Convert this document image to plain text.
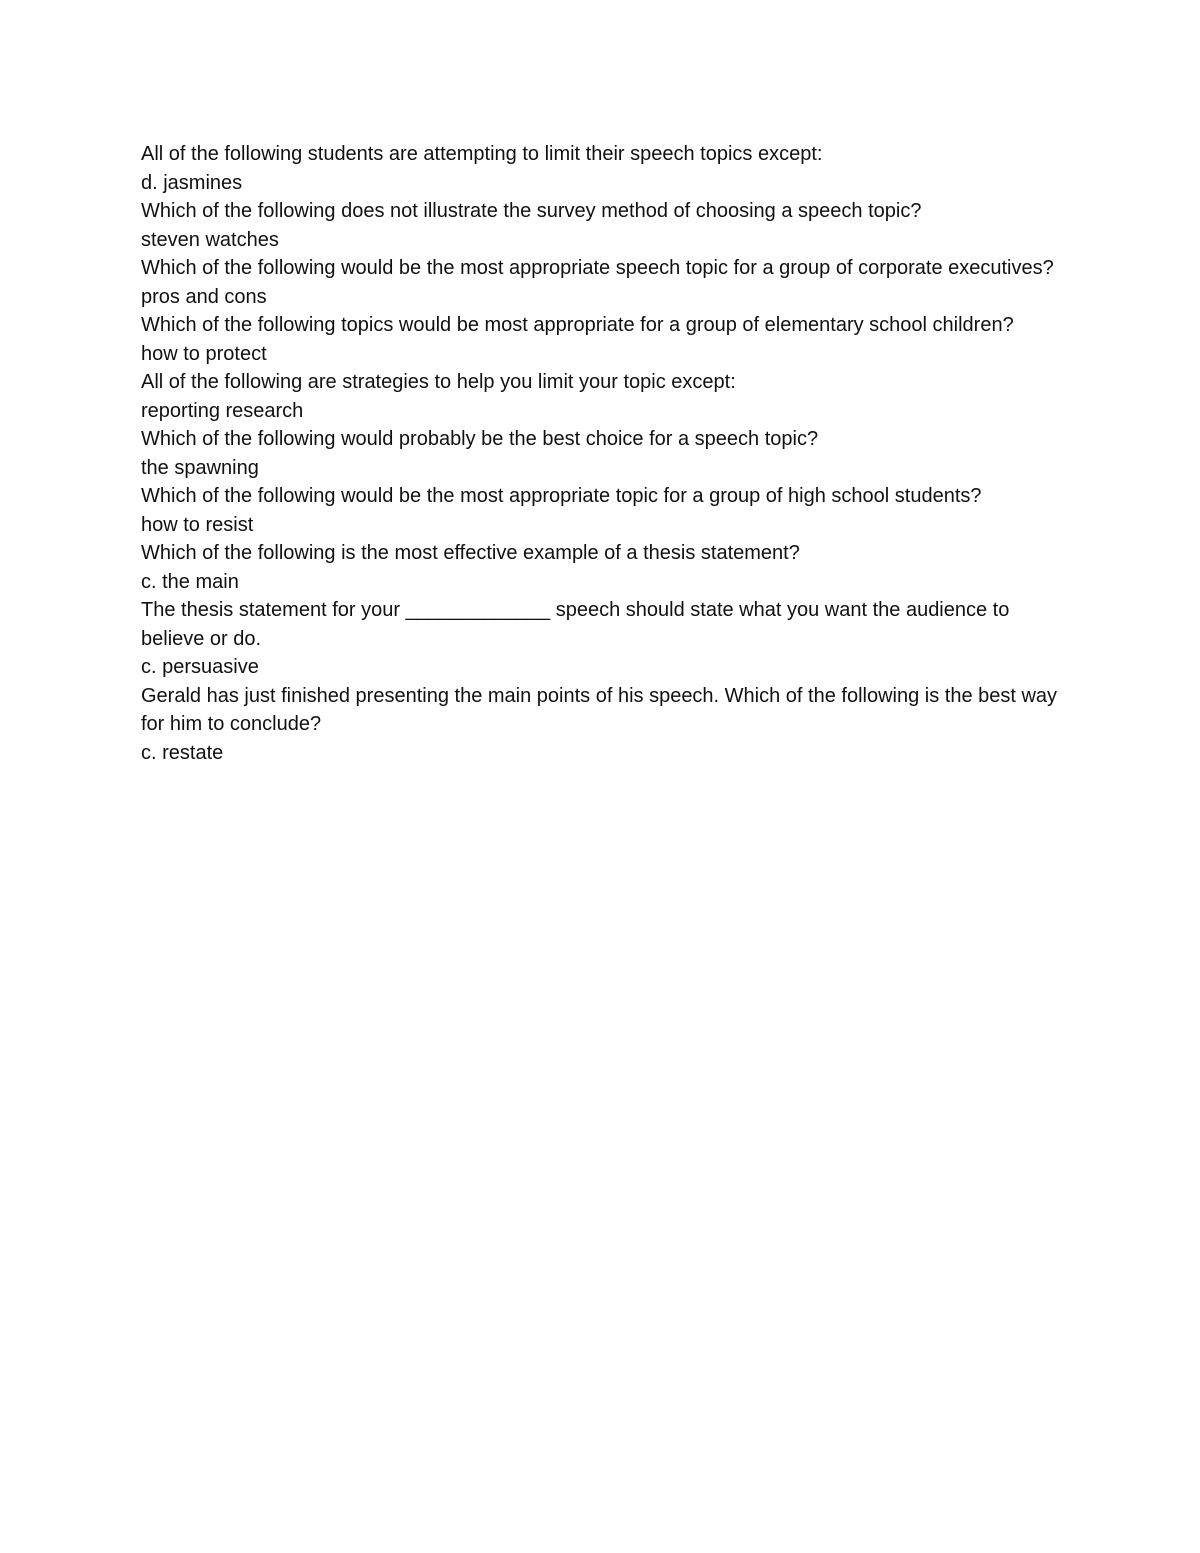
All of the following students are attempting to limit their speech topics except:

d. jasmines

Which of the following does not illustrate the survey method of choosing a speech topic?

steven watches

Which of the following would be the most appropriate speech topic for a group of corporate executives?

pros and cons

Which of the following topics would be most appropriate for a group of elementary school children?

how to protect

All of the following are strategies to help you limit your topic except:

reporting research

Which of the following would probably be the best choice for a speech topic?

the spawning

Which of the following would be the most appropriate topic for a group of high school students?

how to resist

Which of the following is the most effective example of a thesis statement?

c. the main

The thesis statement for your _____________ speech should state what you want the audience to believe or do.

c. persuasive

Gerald has just finished presenting the main points of his speech. Which of the following is the best way for him to conclude?

c. restate
